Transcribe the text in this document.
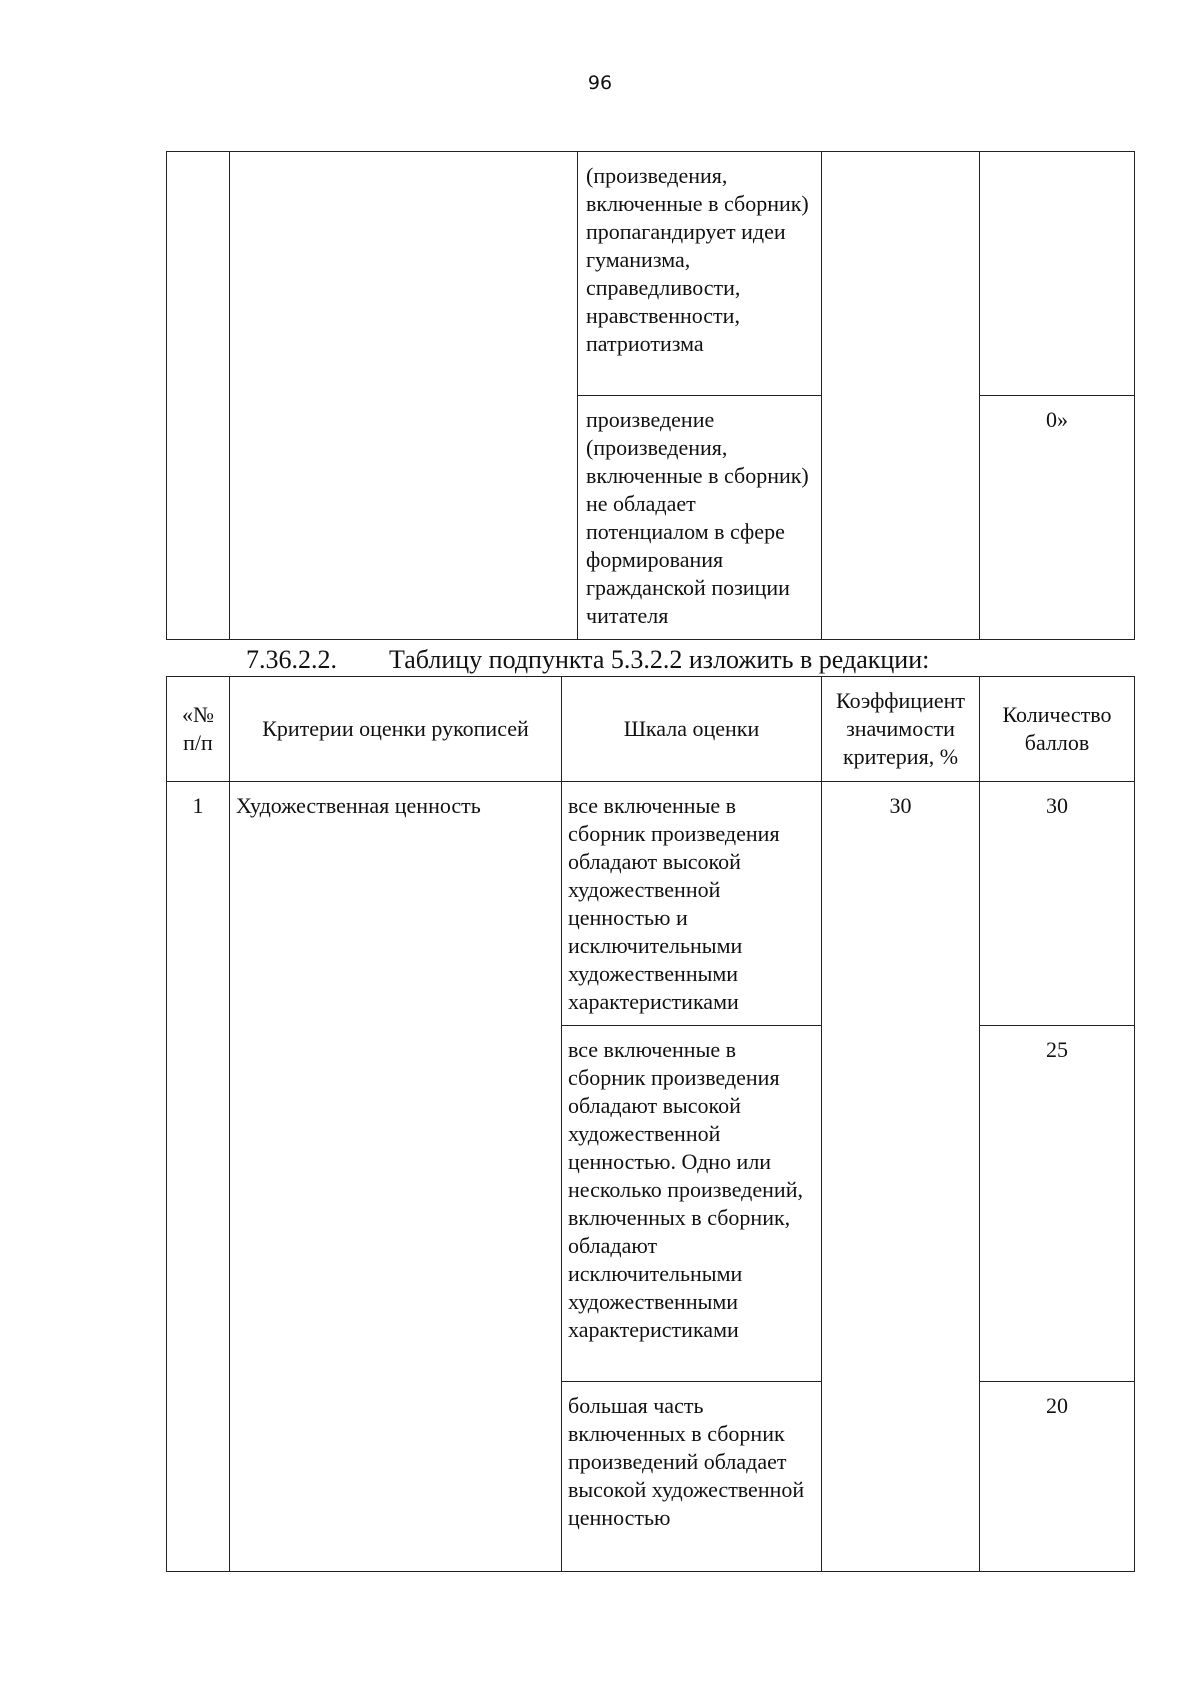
96
		(произведения, включенные в сборник) пропагандирует идеи гуманизма, справедливости, нравственности, патриотизма		
		произведение (произведения, включенные в сборник) не обладает потенциалом в сфере формирования гражданской позиции читателя		0»
7.36.2.2. Таблицу подпункта 5.3.2.2 изложить в редакции:
«№ п/п	Критерии оценки рукописей	Шкала оценки	Коэффициент значимости критерия, %	Количество баллов
1	Художественная ценность	все включенные в сборник произведения обладают высокой художественной ценностью и исключительными художественными характеристиками	30	30
		все включенные в сборник произведения обладают высокой художественной ценностью. Одно или несколько произведений, включенных в сборник, обладают исключительными художественными характеристиками		25
		большая часть включенных в сборник произведений обладает высокой художественной ценностью		20
